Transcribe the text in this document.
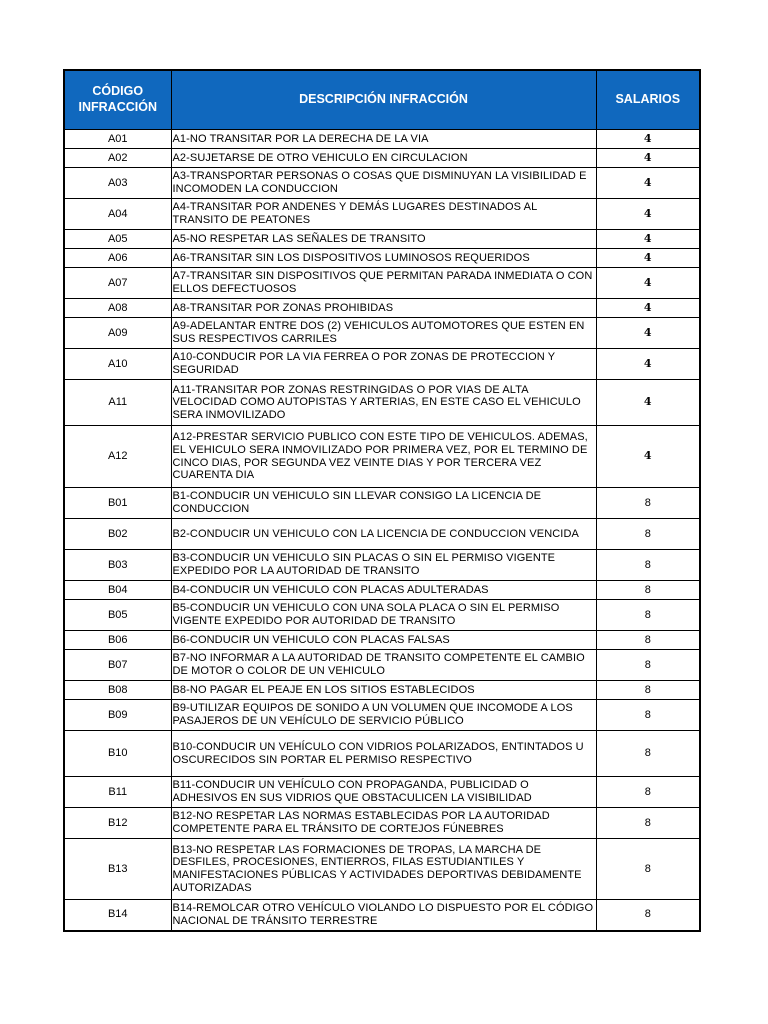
CÓDIGO INFRACCIÓN	DESCRIPCIÓN INFRACCIÓN	SALARIOS
A01	A1-NO TRANSITAR POR LA DERECHA DE LA VIA	4
A02	A2-SUJETARSE DE OTRO VEHICULO EN CIRCULACION	4
A03	A3-TRANSPORTAR PERSONAS O COSAS QUE DISMINUYAN LA VISIBILIDAD E INCOMODEN LA CONDUCCION	4
A04	A4-TRANSITAR POR ANDENES Y DEMÁS LUGARES DESTINADOS AL TRANSITO DE PEATONES	4
A05	A5-NO RESPETAR LAS SEÑALES DE TRANSITO	4
A06	A6-TRANSITAR SIN LOS DISPOSITIVOS LUMINOSOS REQUERIDOS	4
A07	A7-TRANSITAR SIN DISPOSITIVOS QUE PERMITAN PARADA INMEDIATA O CON ELLOS DEFECTUOSOS	4
A08	A8-TRANSITAR POR ZONAS PROHIBIDAS	4
A09	A9-ADELANTAR ENTRE DOS (2) VEHICULOS AUTOMOTORES QUE ESTEN EN SUS RESPECTIVOS CARRILES	4
A10	A10-CONDUCIR POR LA VIA FERREA O POR ZONAS DE PROTECCION Y SEGURIDAD	4
A11	A11-TRANSITAR POR ZONAS RESTRINGIDAS O POR VIAS DE ALTA VELOCIDAD COMO AUTOPISTAS Y ARTERIAS, EN ESTE CASO EL VEHICULO SERA INMOVILIZADO	4
A12	A12-PRESTAR SERVICIO PUBLICO CON ESTE TIPO DE VEHICULOS. ADEMAS, EL VEHICULO SERA INMOVILIZADO POR PRIMERA VEZ, POR EL TERMINO DE CINCO DIAS, POR SEGUNDA VEZ VEINTE DIAS Y POR TERCERA VEZ CUARENTA DIA	4
B01	B1-CONDUCIR UN VEHICULO SIN LLEVAR CONSIGO LA LICENCIA DE CONDUCCION	8
B02	B2-CONDUCIR UN VEHICULO CON LA LICENCIA DE CONDUCCION VENCIDA	8
B03	B3-CONDUCIR UN VEHICULO SIN PLACAS O SIN EL PERMISO VIGENTE EXPEDIDO POR LA AUTORIDAD DE TRANSITO	8
B04	B4-CONDUCIR UN VEHICULO CON PLACAS ADULTERADAS	8
B05	B5-CONDUCIR UN VEHICULO CON UNA SOLA PLACA O SIN EL PERMISO VIGENTE EXPEDIDO POR AUTORIDAD DE TRANSITO	8
B06	B6-CONDUCIR UN VEHICULO CON PLACAS FALSAS	8
B07	B7-NO INFORMAR A LA AUTORIDAD DE TRANSITO COMPETENTE EL CAMBIO DE MOTOR O COLOR DE UN VEHICULO	8
B08	B8-NO PAGAR EL PEAJE EN LOS SITIOS ESTABLECIDOS	8
B09	B9-UTILIZAR EQUIPOS DE SONIDO A UN VOLUMEN QUE INCOMODE A LOS PASAJEROS DE UN VEHÍCULO DE SERVICIO PÚBLICO	8
B10	B10-CONDUCIR UN VEHÍCULO CON VIDRIOS POLARIZADOS, ENTINTADOS U OSCURECIDOS SIN PORTAR EL PERMISO RESPECTIVO	8
B11	B11-CONDUCIR UN VEHÍCULO CON PROPAGANDA, PUBLICIDAD O ADHESIVOS EN SUS VIDRIOS QUE OBSTACULICEN LA VISIBILIDAD	8
B12	B12-NO RESPETAR LAS NORMAS ESTABLECIDAS POR LA AUTORIDAD COMPETENTE PARA EL TRÁNSITO DE CORTEJOS FÚNEBRES	8
B13	B13-NO RESPETAR LAS FORMACIONES DE TROPAS, LA MARCHA DE DESFILES, PROCESIONES, ENTIERROS, FILAS ESTUDIANTILES Y MANIFESTACIONES PÚBLICAS Y ACTIVIDADES DEPORTIVAS DEBIDAMENTE AUTORIZADAS	8
B14	B14-REMOLCAR OTRO VEHÍCULO VIOLANDO LO DISPUESTO POR EL CÓDIGO NACIONAL DE TRÁNSITO TERRESTRE	8
